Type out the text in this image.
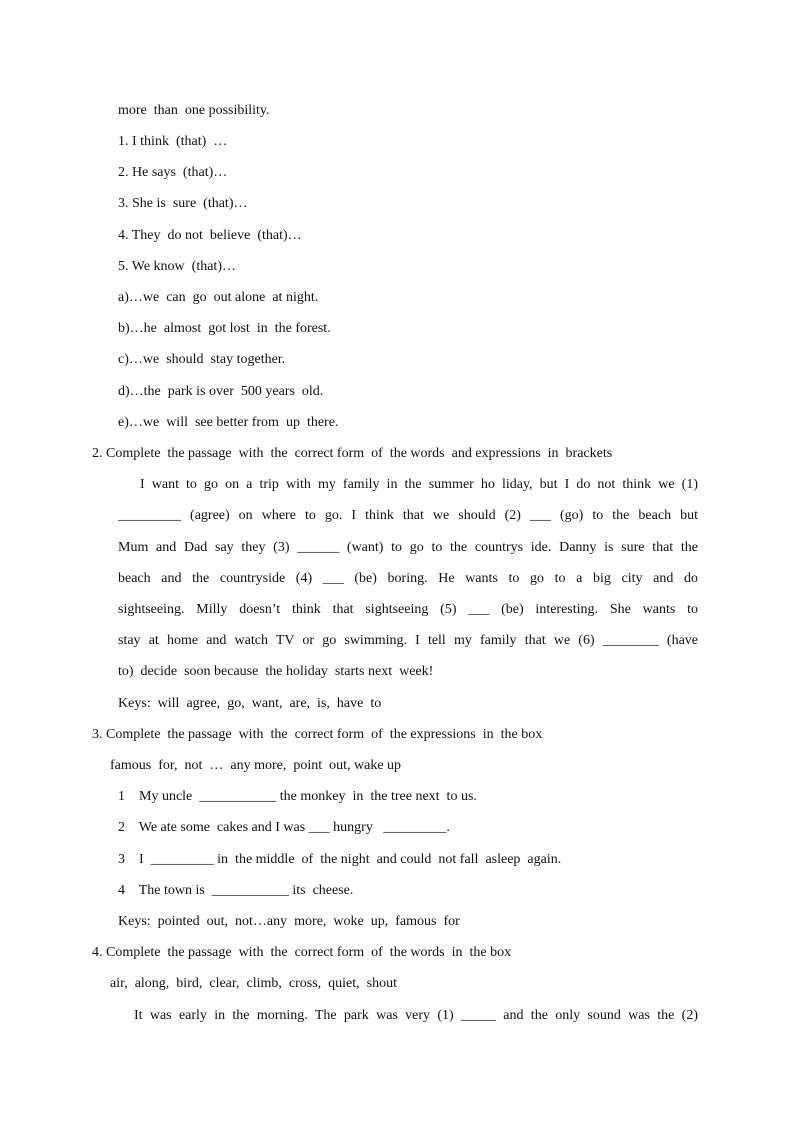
more  than  one possibility.
1. I think  (that)  …
2. He says  (that)…
3. She is  sure  (that)…
4. They  do not  believe  (that)…
5. We know  (that)…
a)…we  can  go  out alone  at night.
b)…he  almost  got lost  in  the forest.
c)…we  should  stay together.
d)…the  park is over  500 years  old.
e)…we  will  see better from  up  there.
2. Complete  the passage  with  the  correct form  of  the words  and expressions  in  brackets
I want to go on a trip with my family in the summer ho liday, but I do not think we (1)
_________ (agree) on where to go. I think that we should (2) ___ (go) to the beach but
Mum and Dad say they (3) ______ (want) to go to the countrys ide. Danny is sure that the
beach and the countryside (4) ___ (be) boring. He wants to go to a big city and do
sightseeing. Milly doesn’t think that sightseeing (5) ___ (be) interesting. She wants to
stay at home and watch TV or go swimming. I tell my family that we (6) ________ (have
to)  decide  soon because  the holiday  starts next  week!
Keys:  will  agree,  go,  want,  are,  is,  have  to
3. Complete  the passage  with  the  correct form  of  the expressions  in  the box
famous  for,  not  …  any more,  point  out, wake up
1    My uncle  ___________ the monkey  in  the tree next  to us.
2    We ate some  cakes and I was ___ hungry   _________.
3    I  _________ in  the middle  of  the night  and could  not fall  asleep  again.
4    The town is  ___________ its  cheese.
Keys:  pointed  out,  not…any  more,  woke  up,  famous  for
4. Complete  the passage  with  the  correct form  of  the words  in  the box
air,  along,  bird,  clear,  climb,  cross,  quiet,  shout
It was early in the morning. The park was very (1) _____ and the only sound was the (2)
